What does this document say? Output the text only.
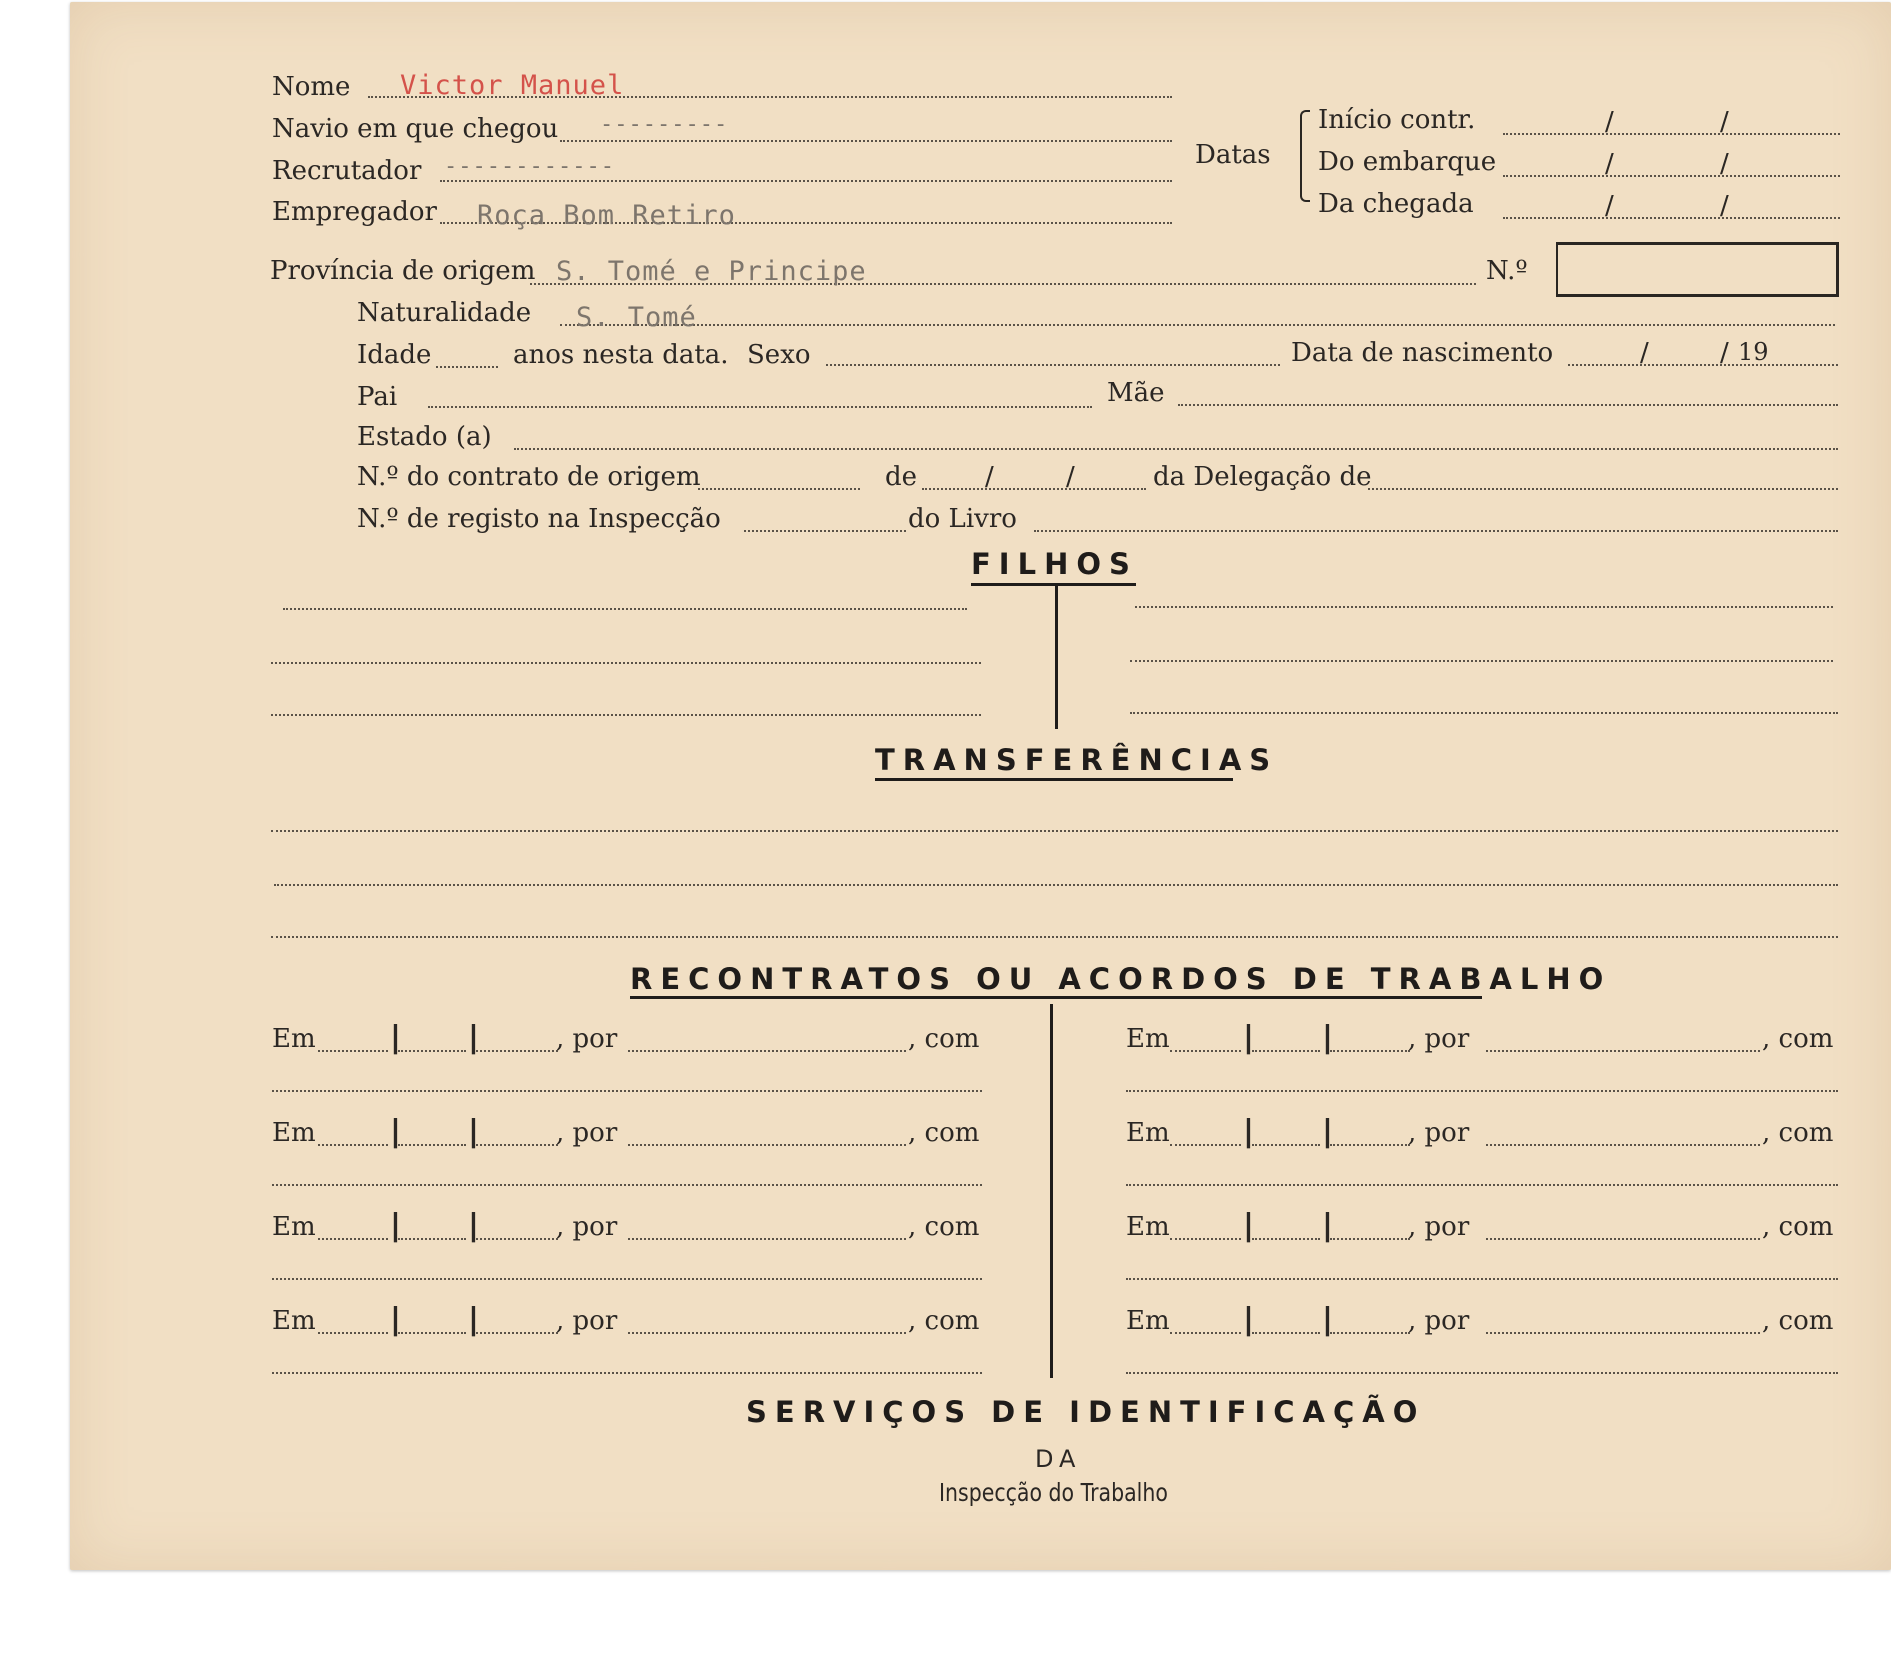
Nome Victor Manuel
Navio em que chegou ---------
Recrutador ------------
Empregador Roça Bom Retiro
Datas
Início contr.	/	/
Do embarque	/	/
Da chegada	/	/
Província de origem S. Tomé e Principe	N.º
Naturalidade S. Tomé
Idade	anos nesta data. Sexo	Data de nascimento	/	/ 19
Pai	Mãe
Estado (a)
N.º do contrato de origem	de	/	/	da Delegação de
N.º de registo na Inspecção	do Livro
FILHOS
TRANSFERÊNCIAS
RECONTRATOS OU ACORDOS DE TRABALHO
Em | |	, por	, com	Em | |	, por	, com
Em | |	, por	, com	Em | |	, por	, com
Em | |	, por	, com	Em | |	, por	, com
Em | |	, por	, com	Em | |	, por	, com
SERVIÇOS DE IDENTIFICAÇÃO
DA
Inspecção do Trabalho
